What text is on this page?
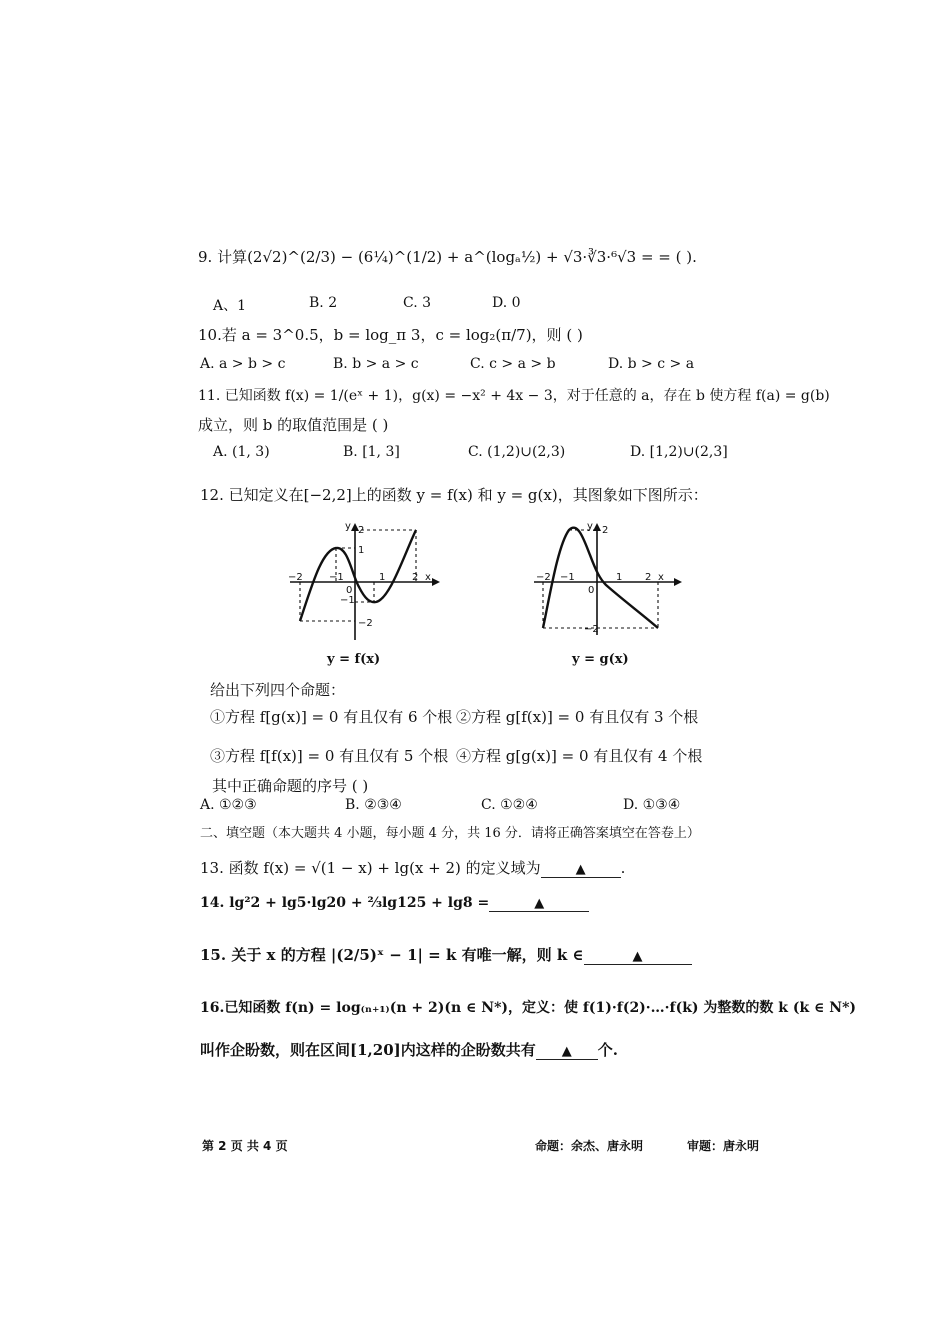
9. 计算(2√2)^(2/3) − (6¼)^(1/2) + a^(logₐ½) + √3·∛3·⁶√3 = = ( ).
A、1	B. 2	C. 3	D. 0
10.若 a = 3^0.5，b = log_π 3，c = log₂(π/7)，则 ( )
A. a > b > c	B. b > a > c	C. c > a > b	D. b > c > a
11. 已知函数 f(x) = 1/(eˣ + 1)，g(x) = −x² + 4x − 3，对于任意的 a，存在 b 使方程 f(a) = g(b)
成立，则 b 的取值范围是 ( )
A. (1, 3)	B. [1, 3]	C. (1,2)∪(2,3)	D. [1,2)∪(2,3]
12. 已知定义在[−2,2]上的函数 y = f(x) 和 y = g(x)，其图象如下图所示：
y 2
1
−1
−2
−2	−1
0
1	2 x
y 2
−2
−2 −1
0
1 2 x
y = f(x)	y = g(x)
给出下列四个命题：
①方程 f[g(x)] = 0 有且仅有 6 个根 ②方程 g[f(x)] = 0 有且仅有 3 个根
③方程 f[f(x)] = 0 有且仅有 5 个根 ④方程 g[g(x)] = 0 有且仅有 4 个根
其中正确命题的序号 ( )
A. ①②③	B. ②③④	C. ①②④	D. ①③④
二、填空题（本大题共 4 小题，每小题 4 分，共 16 分．请将正确答案填空在答卷上）
13. 函数 f(x) = √(1 − x) + lg(x + 2) 的定义域为	▲ .
14. lg²2 + lg5·lg20 + ⅔lg125 + lg8 =	▲
15. 关于 x 的方程 |(2/5)ˣ − 1| = k 有唯一解，则 k ∈	▲
16.已知函数 f(n) = log₍ₙ₊₁₎(n + 2)(n ∈ N*)，定义：使 f(1)·f(2)·…·f(k) 为整数的数 k (k ∈ N*)
叫作企盼数，则在区间[1,20]内这样的企盼数共有 ▲ 个.
第 2 页 共 4 页	命题：余杰、唐永明	审题：唐永明
